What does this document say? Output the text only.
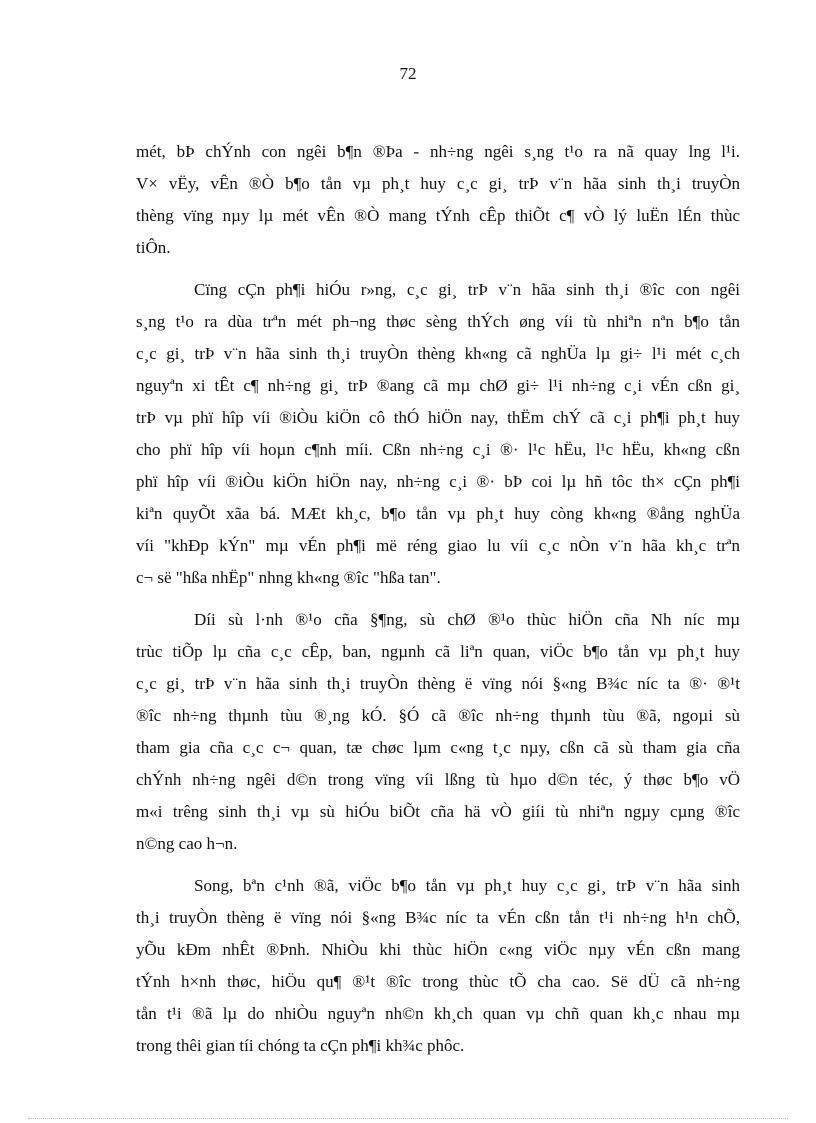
72

mét, bÞ chÝnh con ngêi b¶n ®Þa - nh÷ng ngêi s¸ng t¹o ra nã quay lng l¹i.
V× vËy, vÊn ®Ò b¶o tån vµ ph¸t huy c¸c gi¸ trÞ v¨n hãa sinh th¸i truyÒn
thèng vïng nµy lµ mét vÊn ®Ò mang tÝnh cÊp thiÕt c¶ vÒ lý luËn lÉn thùc
tiÔn.

Cïng cÇn ph¶i hiÓu r»ng, c¸c gi¸ trÞ v¨n hãa sinh th¸i ®îc con ngêi
s¸ng t¹o ra dùa trªn mét ph¬ng thøc sèng thÝch øng víi tù nhiªn nªn b¶o tån
c¸c gi¸ trÞ v¨n hãa sinh th¸i truyÒn thèng kh«ng cã nghÜa lµ gi÷ l¹i mét c¸ch
nguyªn xi tÊt c¶ nh÷ng gi¸ trÞ ®ang cã mµ chØ gi÷ l¹i nh÷ng c¸i vÉn cßn gi¸
trÞ vµ phï hîp víi ®iÒu kiÖn cô thÓ hiÖn nay, thËm chÝ cã c¸i ph¶i ph¸t huy
cho phï hîp víi hoµn c¶nh míi. Cßn nh÷ng c¸i ®· l¹c hËu, l¹c hËu, kh«ng cßn
phï hîp víi ®iÒu kiÖn hiÖn nay, nh÷ng c¸i ®· bÞ coi lµ hñ tôc th× cÇn ph¶i
kiªn quyÕt xãa bá. MÆt kh¸c, b¶o tån vµ ph¸t huy còng kh«ng ®ång nghÜa
víi "khÐp kÝn" mµ vÉn ph¶i më réng giao lu víi c¸c nÒn v¨n hãa kh¸c trªn
c¬ së "hßa nhËp" nhng kh«ng ®îc "hßa tan".

Díi sù l·nh ®¹o cña §¶ng, sù chØ ®¹o thùc hiÖn cña Nh níc mµ
trùc tiÕp lµ cña c¸c cÊp, ban, ngµnh cã liªn quan, viÖc b¶o tån vµ ph¸t huy
c¸c gi¸ trÞ v¨n hãa sinh th¸i truyÒn thèng ë vïng nói §«ng B¾c níc ta ®· ®¹t
®îc nh÷ng thµnh tùu ®¸ng kÓ. §Ó cã ®îc nh÷ng thµnh tùu ®ã, ngoµi sù
tham gia cña c¸c c¬ quan, tæ chøc lµm c«ng t¸c nµy, cßn cã sù tham gia cña
chÝnh nh÷ng ngêi d©n trong vïng víi lßng tù hµo d©n téc, ý thøc b¶o vÖ
m«i trêng sinh th¸i vµ sù hiÓu biÕt cña hä vÒ giíi tù nhiªn ngµy cµng ®îc
n©ng cao h¬n.

Song, bªn c¹nh ®ã, viÖc b¶o tån vµ ph¸t huy c¸c gi¸ trÞ v¨n hãa sinh
th¸i truyÒn thèng ë vïng nói §«ng B¾c níc ta vÉn cßn tån t¹i nh÷ng h¹n chÕ,
yÕu kÐm nhÊt ®Þnh. NhiÒu khi thùc hiÖn c«ng viÖc nµy vÉn cßn mang
tÝnh h×nh thøc, hiÖu qu¶ ®¹t ®îc trong thùc tÕ cha cao. Së dÜ cã nh÷ng
tån t¹i ®ã lµ do nhiÒu nguyªn nh©n kh¸ch quan vµ chñ quan kh¸c nhau mµ
trong thêi gian tíi chóng ta cÇn ph¶i kh¾c phôc.
